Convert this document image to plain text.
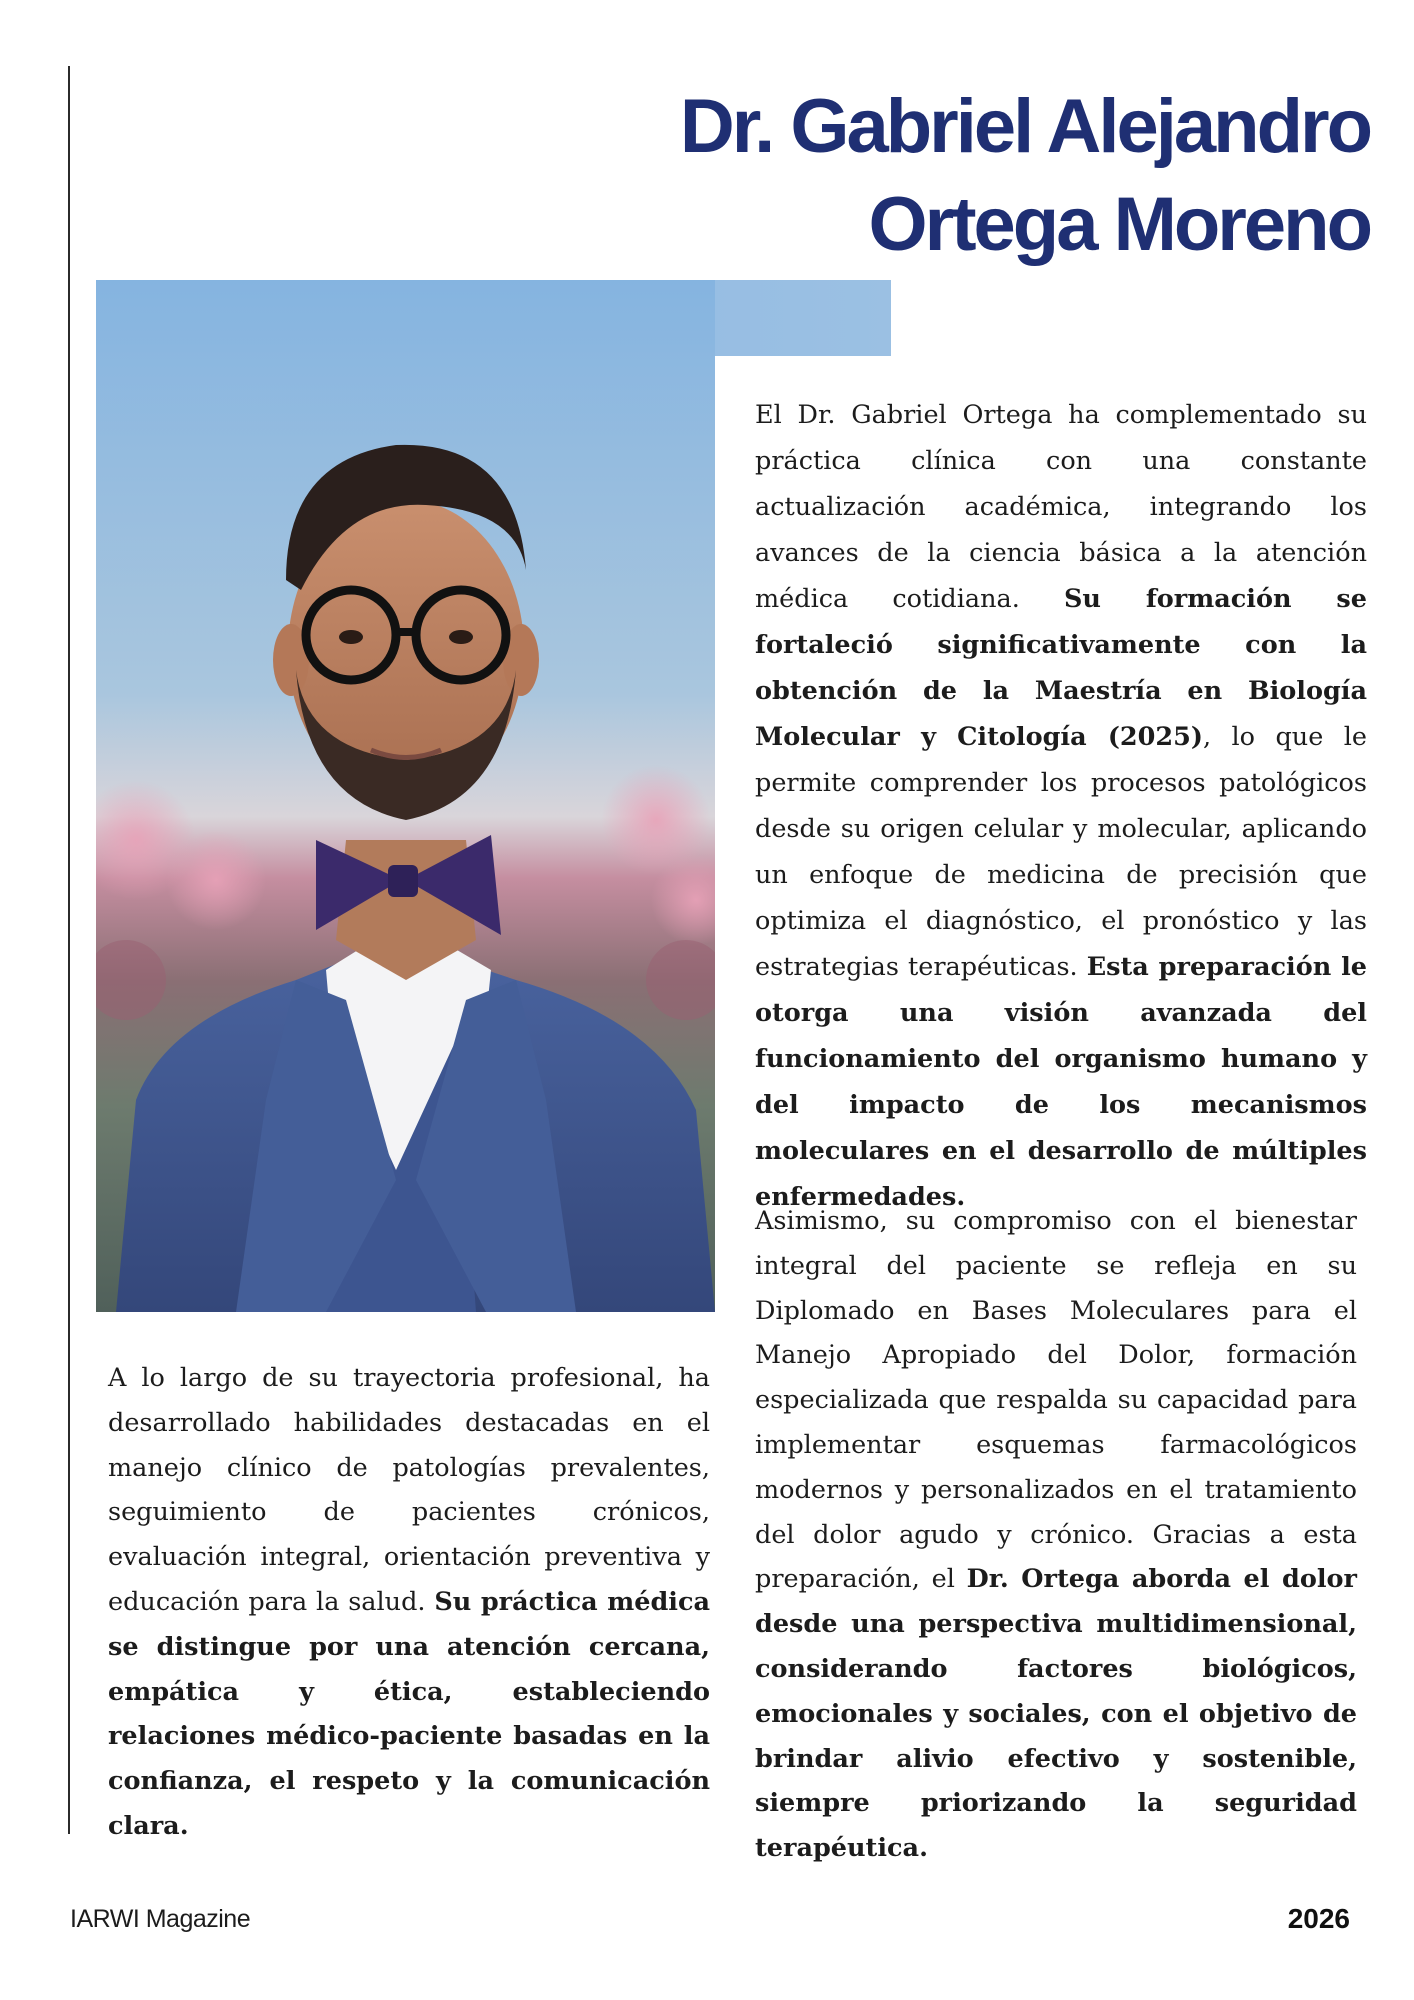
Dr. Gabriel Alejandro
Ortega Moreno

El Dr. Gabriel Ortega ha complementado su práctica clínica con una constante actualización académica, integrando los avances de la ciencia básica a la atención médica cotidiana. Su formación se fortaleció significativamente con la obtención de la Maestría en Biología Molecular y Citología (2025), lo que le permite comprender los procesos patológicos desde su origen celular y molecular, aplicando un enfoque de medicina de precisión que optimiza el diagnóstico, el pronóstico y las estrategias terapéuticas. Esta preparación le otorga una visión avanzada del funcionamiento del organismo humano y del impacto de los mecanismos moleculares en el desarrollo de múltiples enfermedades.

Asimismo, su compromiso con el bienestar integral del paciente se refleja en su Diplomado en Bases Moleculares para el Manejo Apropiado del Dolor, formación especializada que respalda su capacidad para implementar esquemas farmacológicos modernos y personalizados en el tratamiento del dolor agudo y crónico. Gracias a esta preparación, el Dr. Ortega aborda el dolor desde una perspectiva multidimensional, considerando factores biológicos, emocionales y sociales, con el objetivo de brindar alivio efectivo y sostenible, siempre priorizando la seguridad terapéutica.

A lo largo de su trayectoria profesional, ha desarrollado habilidades destacadas en el manejo clínico de patologías prevalentes, seguimiento de pacientes crónicos, evaluación integral, orientación preventiva y educación para la salud. Su práctica médica se distingue por una atención cercana, empática y ética, estableciendo relaciones médico-paciente basadas en la confianza, el respeto y la comunicación clara.

IARWI Magazine	2026
